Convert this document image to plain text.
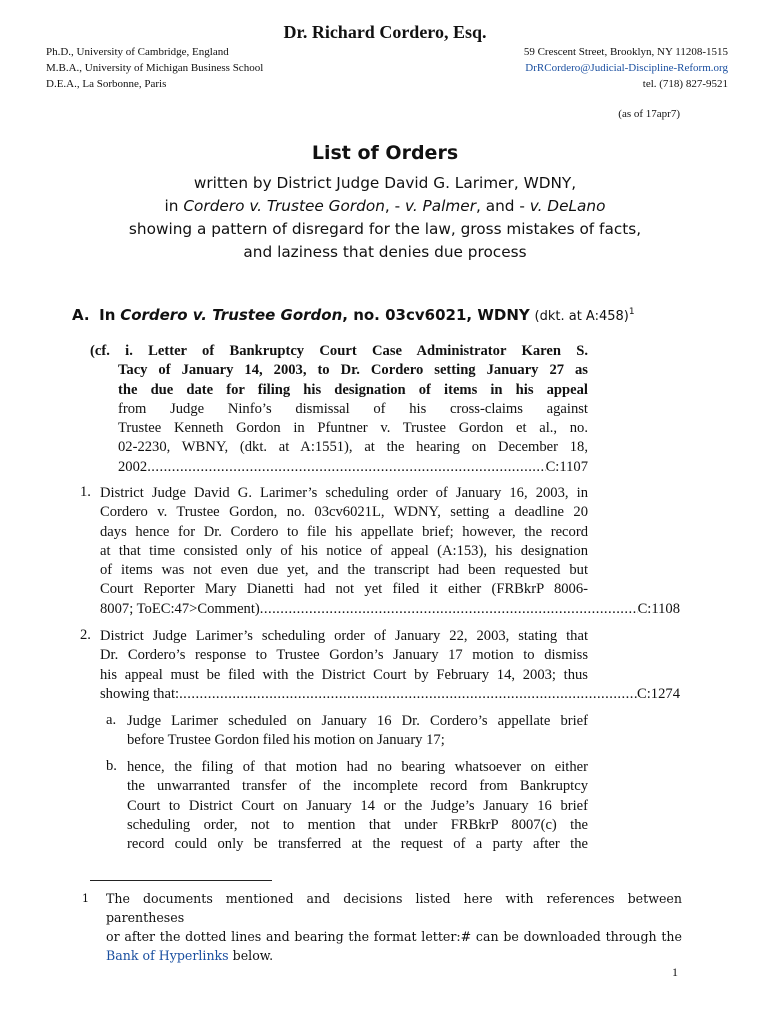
Dr. Richard Cordero, Esq.
Ph.D., University of Cambridge, England
M.B.A., University of Michigan Business School
D.E.A., La Sorbonne, Paris
59 Crescent Street, Brooklyn, NY 11208-1515
DrRCordero@Judicial-Discipline-Reform.org
tel. (718) 827-9521
(as of 17apr7)
List of Orders
written by District Judge David G. Larimer, WDNY,
in Cordero v. Trustee Gordon, - v. Palmer, and - v. DeLano
showing a pattern of disregard for the law, gross mistakes of facts,
and laziness that denies due process
A. In Cordero v. Trustee Gordon, no. 03cv6021, WDNY (dkt. at A:458)$^1$
(cf. i. Letter of Bankruptcy Court Case Administrator Karen S.
Tacy of January 14, 2003, to Dr. Cordero setting January 27 as
the due date for filing his designation of items in his appeal
from Judge Ninfo’s dismissal of his cross-claims against
Trustee Kenneth Gordon in Pfuntner v. Trustee Gordon et al., no.
02-2230, WBNY, (dkt. at A:1551), at the hearing on December 18,
2002 . . .	C:1107
1. District Judge David G. Larimer’s scheduling order of January 16, 2003, in
Cordero v. Trustee Gordon, no. 03cv6021L, WDNY, setting a deadline 20
days hence for Dr. Cordero to file his appellate brief; however, the record
at that time consisted only of his notice of appeal (A:153), his designation
of items was not even due yet, and the transcript had been requested but
Court Reporter Mary Dianetti had not yet filed it either (FRBkrP 8006-
8007; ToEC:47>Comment) . . .	C:1108
2. District Judge Larimer’s scheduling order of January 22, 2003, stating that
Dr. Cordero’s response to Trustee Gordon’s January 17 motion to dismiss
his appeal must be filed with the District Court by February 14, 2003; thus
showing that: . . .	C:1274
a. Judge Larimer scheduled on January 16 Dr. Cordero’s appellate brief
before Trustee Gordon filed his motion on January 17;
b. hence, the filing of that motion had no bearing whatsoever on either
the unwarranted transfer of the incomplete record from Bankruptcy
Court to District Court on January 14 or the Judge’s January 16 brief
scheduling order, not to mention that under FRBkrP 8007(c) the
record could only be transferred at the request of a party after the
1	The documents mentioned and decisions listed here with references between parentheses
or after the dotted lines and bearing the format letter:# can be downloaded through the
Bank of Hyperlinks below.
1
